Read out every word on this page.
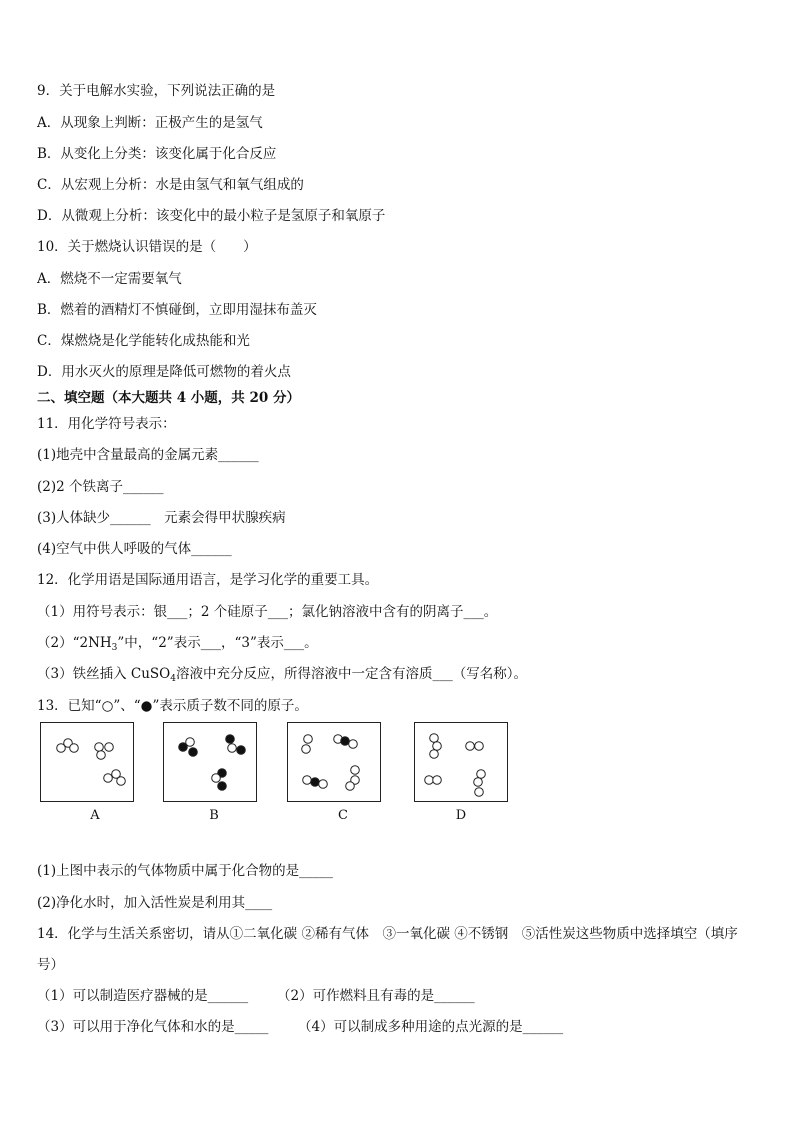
9．关于电解水实验，下列说法正确的是
A．从现象上判断：正极产生的是氢气
B．从变化上分类：该变化属于化合反应
C．从宏观上分析：水是由氢气和氧气组成的
D．从微观上分析：该变化中的最小粒子是氢原子和氧原子
10．关于燃烧认识错误的是（　　）
A．燃烧不一定需要氧气
B．燃着的酒精灯不慎碰倒，立即用湿抹布盖灭
C．煤燃烧是化学能转化成热能和光
D．用水灭火的原理是降低可燃物的着火点
二、填空题（本大题共 4 小题，共 20 分）
11．用化学符号表示：
(1)地壳中含量最高的金属元素______
(2)2 个铁离子______
(3)人体缺少______　元素会得甲状腺疾病
(4)空气中供人呼吸的气体______
12．化学用语是国际通用语言，是学习化学的重要工具。
（1）用符号表示：银___；2 个硅原子___；氯化钠溶液中含有的阴离子___。
$(2)“2NH_3$”中，“2”表示___，“3”表示___。
（3）铁丝插入 CuSO$_4$溶液中充分反应，所得溶液中一定含有溶质___（写名称）。
13．已知“○”、“●”表示质子数不同的原子。
A	B	C	D
(1)上图中表示的气体物质中属于化合物的是_____
(2)净化水时，加入活性炭是利用其____
14．化学与生活关系密切，请从①二氧化碳 ②稀有气体　③一氧化碳 ④不锈钢　⑤活性炭这些物质中选择填空（填序
号）
（1）可以制造医疗器械的是______ （2）可作燃料且有毒的是______
（3）可以用于净化气体和水的是_____ （4）可以制成多种用途的点光源的是______
